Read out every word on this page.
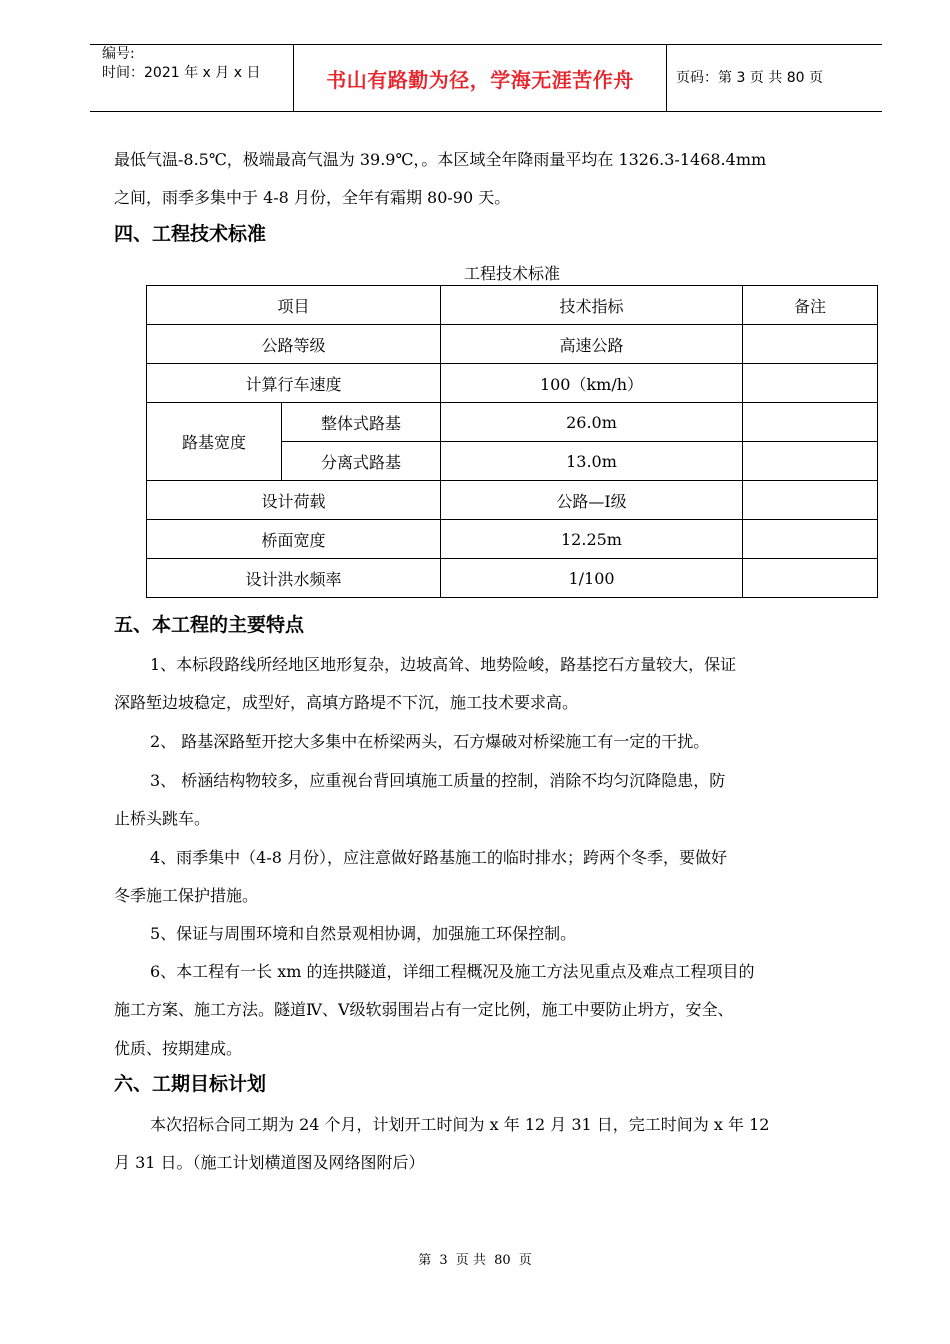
编号:
时间：2021 年 x 月 x 日	书山有路勤为径，学海无涯苦作舟	页码：第 3 页 共 80 页
最低气温-8.5℃，极端最高气温为 39.9℃，。本区域全年降雨量平均在 1326.3-1468.4mm
之间，雨季多集中于 4-8 月份，全年有霜期 80-90 天。
四、工程技术标准
工程技术标准
项目		技术指标	备注
公路等级		高速公路	
计算行车速度		100（km/h）	
路基宽度	整体式路基	26.0m	
	分离式路基	13.0m	
设计荷载		公路—Ⅰ级	
桥面宽度		12.25m	
设计洪水频率		1/100	
五、本工程的主要特点
1、本标段路线所经地区地形复杂，边坡高耸、地势险峻，路基挖石方量较大，保证
深路堑边坡稳定，成型好，高填方路堤不下沉，施工技术要求高。
2、 路基深路堑开挖大多集中在桥梁两头，石方爆破对桥梁施工有一定的干扰。
3、 桥涵结构物较多，应重视台背回填施工质量的控制，消除不均匀沉降隐患，防
止桥头跳车。
4、雨季集中（4-8 月份），应注意做好路基施工的临时排水；跨两个冬季，要做好
冬季施工保护措施。
5、保证与周围环境和自然景观相协调，加强施工环保控制。
6、本工程有一长 xm 的连拱隧道，详细工程概况及施工方法见重点及难点工程项目的
施工方案、施工方法。隧道Ⅳ、Ⅴ级软弱围岩占有一定比例，施工中要防止坍方，安全、
优质、按期建成。
六、工期目标计划
本次招标合同工期为 24 个月，计划开工时间为 x 年 12 月 31 日，完工时间为 x 年 12
月 31 日。（施工计划横道图及网络图附后）
第 3 页 共 80 页
